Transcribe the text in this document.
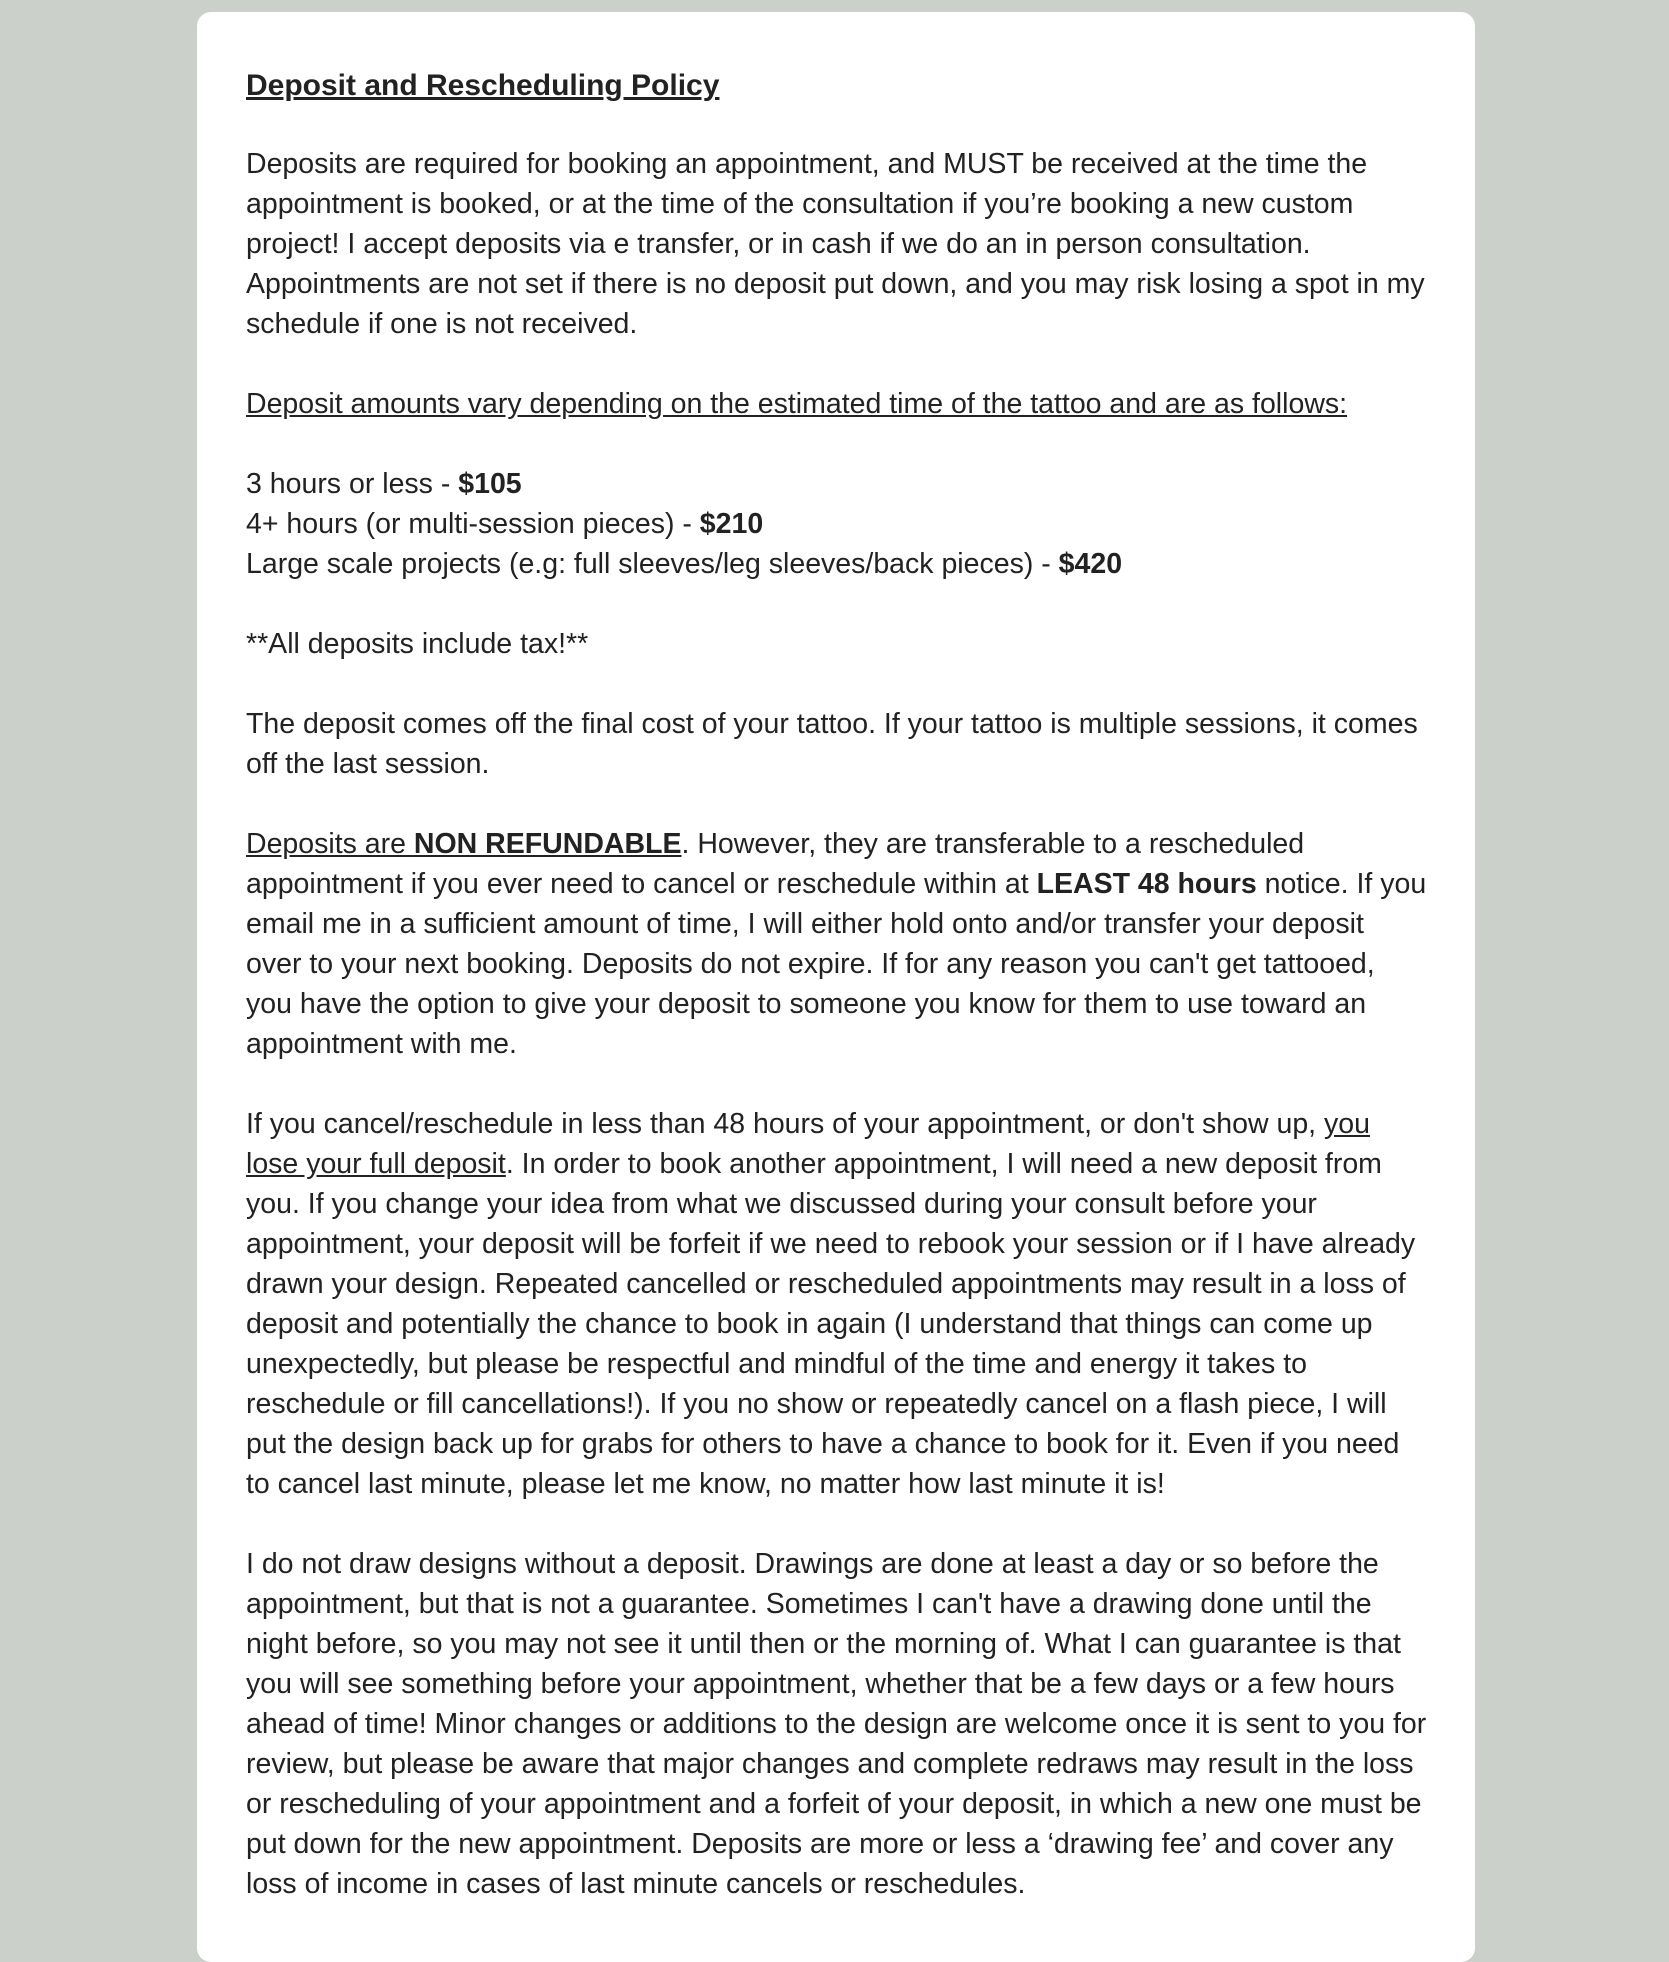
Deposit and Rescheduling Policy

Deposits are required for booking an appointment, and MUST be received at the time the appointment is booked, or at the time of the consultation if you’re booking a new custom project! I accept deposits via e transfer, or in cash if we do an in person consultation. Appointments are not set if there is no deposit put down, and you may risk losing a spot in my schedule if one is not received.

Deposit amounts vary depending on the estimated time of the tattoo and are as follows:

3 hours or less - $105
4+ hours (or multi-session pieces) - $210
Large scale projects (e.g: full sleeves/leg sleeves/back pieces) - $420

**All deposits include tax!**

The deposit comes off the final cost of your tattoo. If your tattoo is multiple sessions, it comes off the last session.

Deposits are NON REFUNDABLE. However, they are transferable to a rescheduled appointment if you ever need to cancel or reschedule within at LEAST 48 hours notice. If you email me in a sufficient amount of time, I will either hold onto and/or transfer your deposit over to your next booking. Deposits do not expire. If for any reason you can't get tattooed, you have the option to give your deposit to someone you know for them to use toward an appointment with me.

If you cancel/reschedule in less than 48 hours of your appointment, or don't show up, you lose your full deposit. In order to book another appointment, I will need a new deposit from you. If you change your idea from what we discussed during your consult before your appointment, your deposit will be forfeit if we need to rebook your session or if I have already drawn your design. Repeated cancelled or rescheduled appointments may result in a loss of deposit and potentially the chance to book in again (I understand that things can come up unexpectedly, but please be respectful and mindful of the time and energy it takes to reschedule or fill cancellations!). If you no show or repeatedly cancel on a flash piece, I will put the design back up for grabs for others to have a chance to book for it. Even if you need to cancel last minute, please let me know, no matter how last minute it is!

I do not draw designs without a deposit. Drawings are done at least a day or so before the appointment, but that is not a guarantee. Sometimes I can't have a drawing done until the night before, so you may not see it until then or the morning of. What I can guarantee is that you will see something before your appointment, whether that be a few days or a few hours ahead of time! Minor changes or additions to the design are welcome once it is sent to you for review, but please be aware that major changes and complete redraws may result in the loss or rescheduling of your appointment and a forfeit of your deposit, in which a new one must be put down for the new appointment. Deposits are more or less a ‘drawing fee’ and cover any loss of income in cases of last minute cancels or reschedules.
